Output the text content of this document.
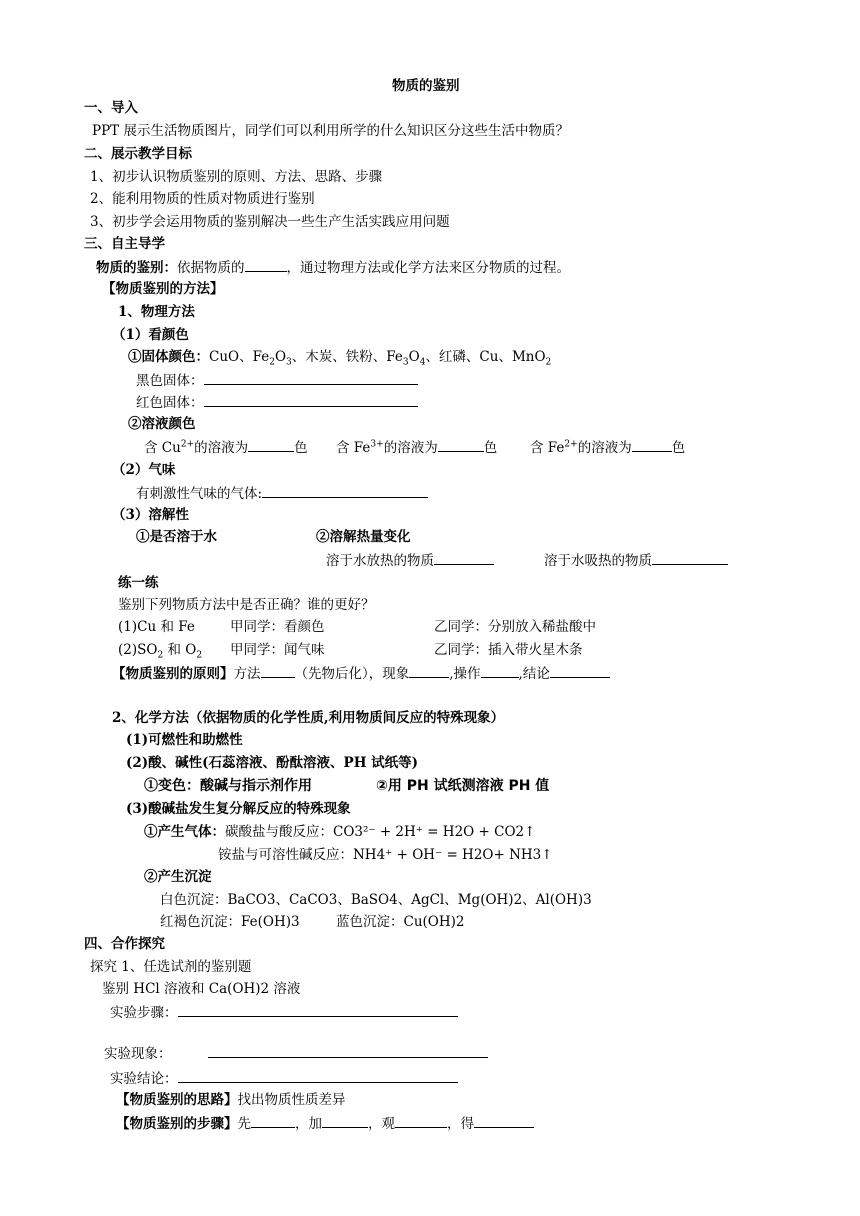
物质的鉴别
一、导入
PPT 展示生活物质图片，同学们可以利用所学的什么知识区分这些生活中物质？
二、展示教学目标
1、初步认识物质鉴别的原则、方法、思路、步骤
2、能利用物质的性质对物质进行鉴别
3、初步学会运用物质的鉴别解决一些生产生活实践应用问题
三、自主导学
物质的鉴别：依据物质的	，通过物理方法或化学方法来区分物质的过程。
【物质鉴别的方法】
1、物理方法
（1）看颜色
①固体颜色：CuO、$Fe_2O_3$、木炭、铁粉、$Fe_3O_4$、红磷、Cu、MnO$_2$
黑色固体：
红色固体：
②溶液颜色
含 $Cu^{2+}$的溶液为	色 含 $Fe^{3+}$的溶液为	色 含 $Fe^{2+}$的溶液为	色
（2）气味
有刺激性气味的气体:
（3）溶解性
①是否溶于水	②溶解热量变化
溶于水放热的物质	溶于水吸热的物质
练一练
鉴别下列物质方法中是否正确？谁的更好？
(1)Cu 和 Fe	甲同学：看颜色	乙同学：分别放入稀盐酸中
$(2)SO_2$ 和 $O_2$ 甲同学：闻气味	乙同学：插入带火星木条
【物质鉴别的原则】方法	（先物后化），现象	,操作	,结论
2、化学方法（依据物质的化学性质,利用物质间反应的特殊现象）
(1)可燃性和助燃性
(2)酸、碱性(石蕊溶液、酚酞溶液、PH 试纸等)
①变色：酸碱与指示剂作用	②用 PH 试纸测溶液 PH 值
(3)酸碱盐发生复分解反应的特殊现象
①产生气体：碳酸盐与酸反应：CO3²⁻ + 2H⁺ = H2O + CO2↑
铵盐与可溶性碱反应：NH4⁺ + OH⁻ = H2O+ NH3↑
②产生沉淀
白色沉淀：BaCO3、CaCO3、BaSO4、AgCl、Mg(OH)2、Al(OH)3
红褐色沉淀：Fe(OH)3	蓝色沉淀：Cu(OH)2
四、合作探究
探究 1、任选试剂的鉴别题
鉴别 HCl 溶液和 Ca(OH)2 溶液
实验步骤：
实验现象：
实验结论：
【物质鉴别的思路】找出物质性质差异
【物质鉴别的步骤】先	，加	，观	，得
